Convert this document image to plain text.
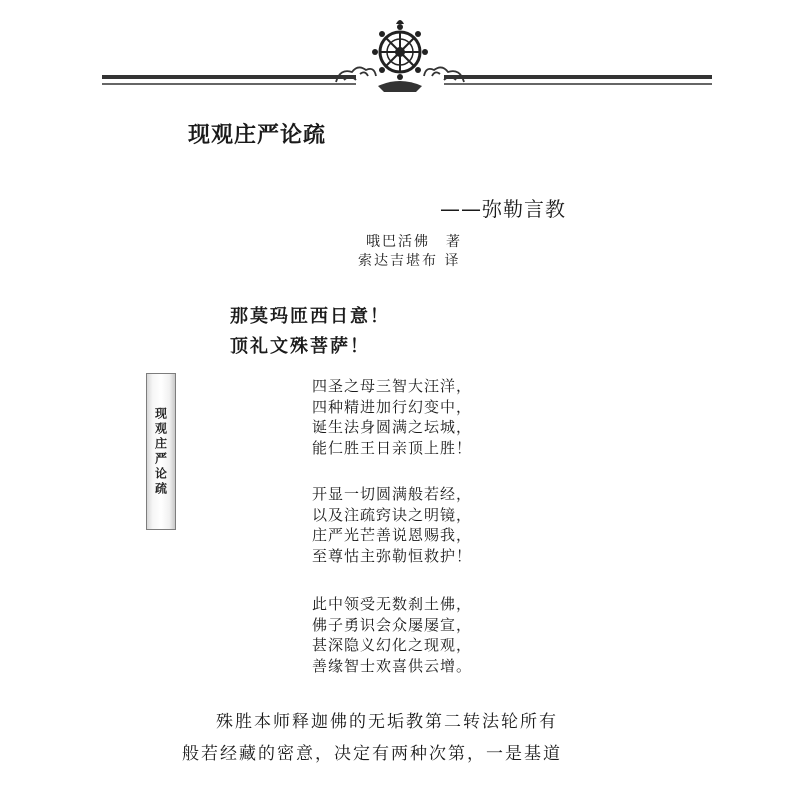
现观庄严论疏
——弥勒言教
哦巴活佛　著
索达吉堪布 译
那莫玛匝西日意！
顶礼文殊菩萨！
现观庄严论疏
四圣之母三智大汪洋，
四种精进加行幻变中，
诞生法身圆满之坛城，
能仁胜王日亲顶上胜！
开显一切圆满般若经，
以及注疏窍诀之明镜，
庄严光芒善说恩赐我，
至尊怙主弥勒恒救护！
此中领受无数刹土佛，
佛子勇识会众屡屡宣，
甚深隐义幻化之现观，
善缘智士欢喜供云增。
殊胜本师释迦佛的无垢教第二转法轮所有
般若经藏的密意，决定有两种次第，一是基道
